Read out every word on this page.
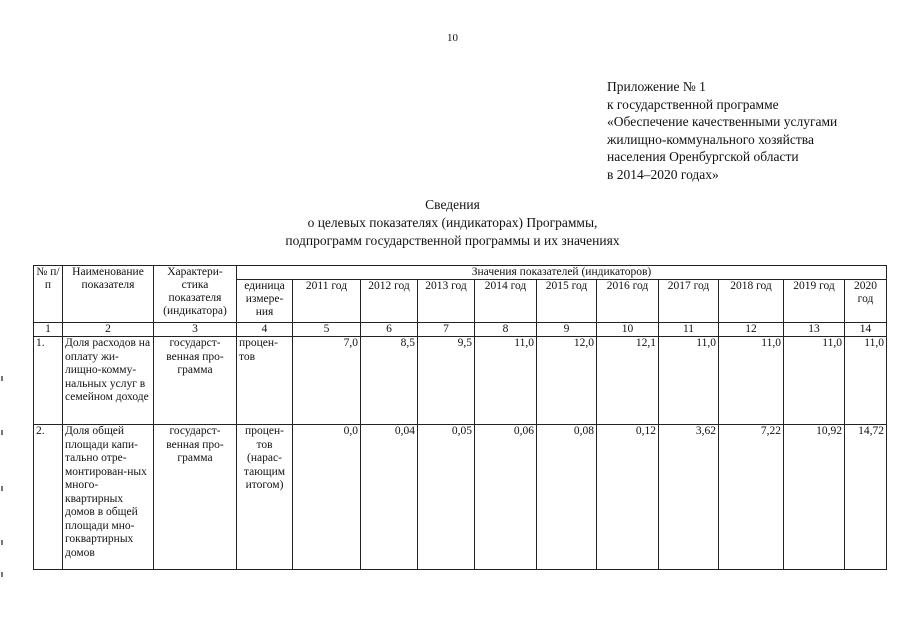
10
Приложение № 1
к государственной программе
«Обеспечение качественными услугами
жилищно-коммунального хозяйства
населения Оренбургской области
в 2014–2020 годах»
Сведения
о целевых показателях (индикаторах) Программы,
подпрограмм государственной программы и их значениях
№ п/п	Наименование показателя	Характери-стика показателя (индикатора)	Значения показателей (индикаторов)										
			единица измере-ния	2011 год	2012 год	2013 год	2014 год	2015 год	2016 год	2017 год	2018 год	2019 год	2020 год
1	2	3	4	5	6	7	8	9	10	11	12	13	14
1.	Доля расходов на оплату жи-лищно-комму-нальных услуг в семейном доходе	государст-венная про-грамма	процен-тов	7,0	8,5	9,5	11,0	12,0	12,1	11,0	11,0	11,0	11,0
2.	Доля общей площади капи-тально отре-монтирован-ных много-квартирных домов в общей площади мно-гоквартирных домов	государст-венная про-грамма	процен-тов (нарас-тающим итогом)	0,0	0,04	0,05	0,06	0,08	0,12	3,62	7,22	10,92	14,72
